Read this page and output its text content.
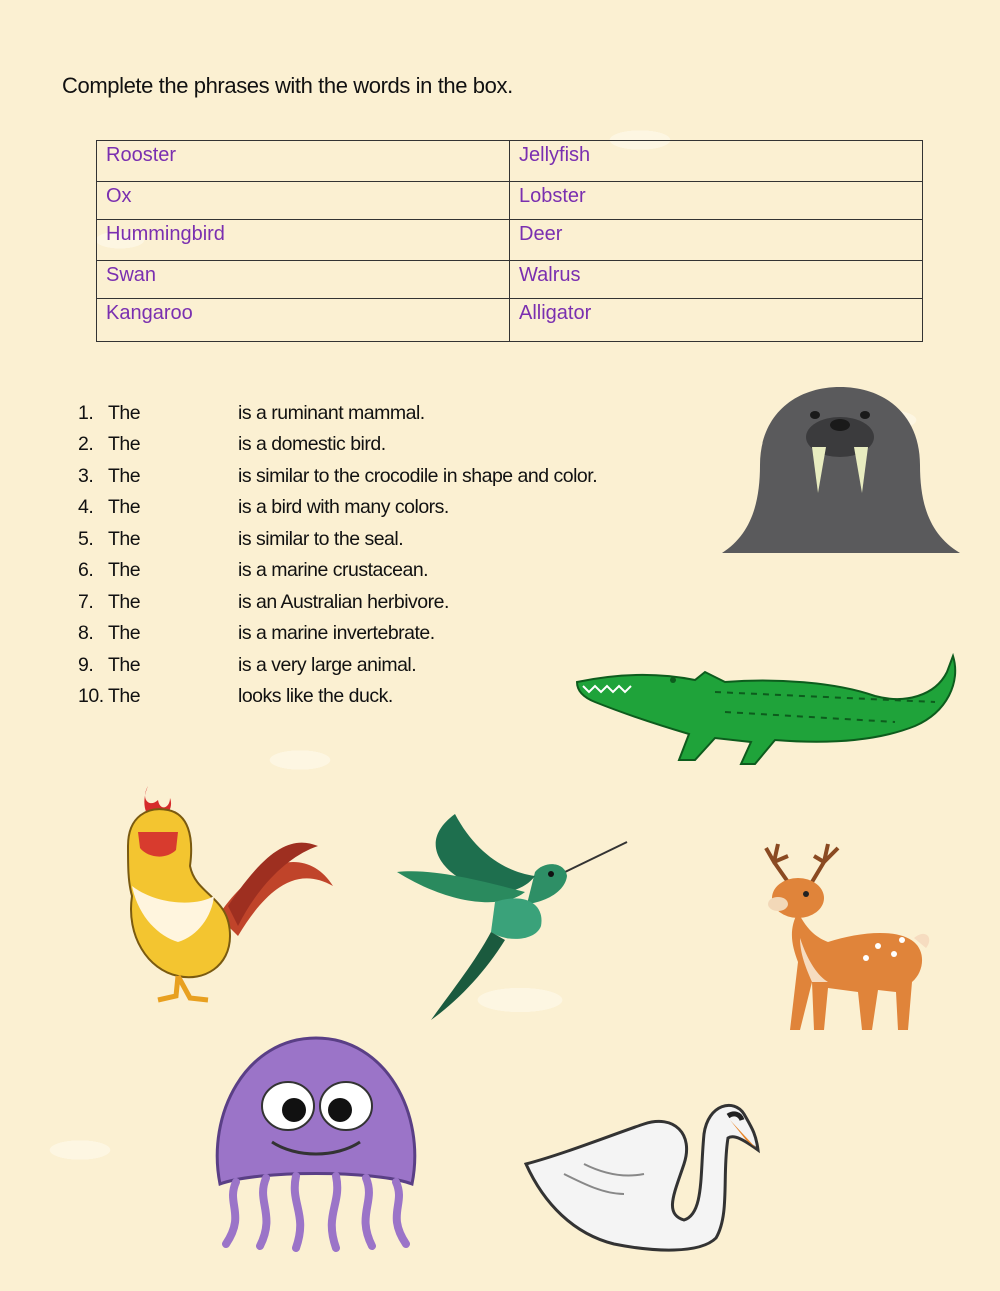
Complete the phrases with the words in the box.
Rooster	Jellyfish
Ox	Lobster
Hummingbird	Deer
Swan	Walrus
Kangaroo	Alligator
1. The	is a ruminant mammal.
2. The	is a domestic bird.
3. The	is similar to the crocodile in shape and color.
4. The	is a bird with many colors.
5. The	is similar to the seal.
6. The	is a marine crustacean.
7. The	is an Australian herbivore.
8. The	is a marine invertebrate.
9. The	is a very large animal.
10. The	looks like the duck.
